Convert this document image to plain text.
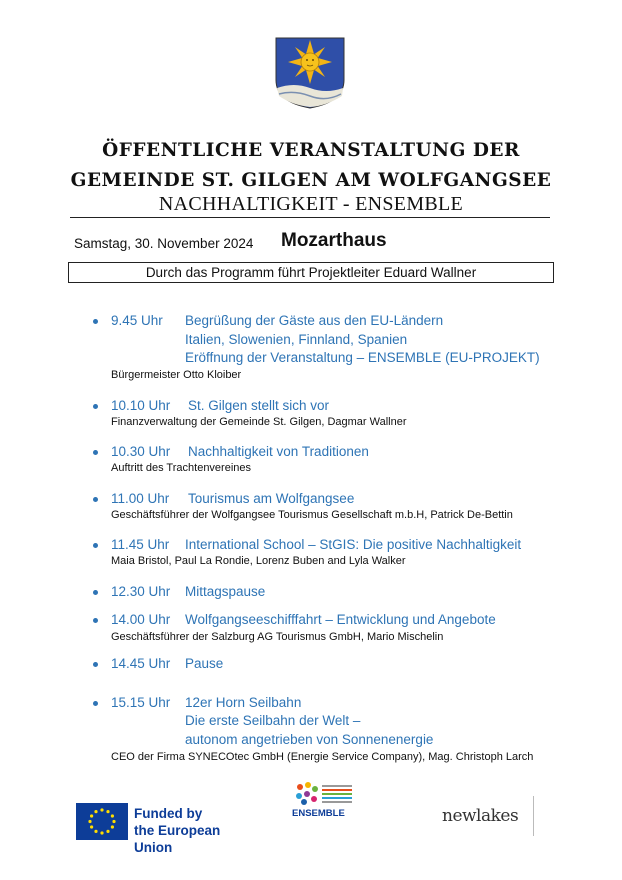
ÖFFENTLICHE VERANSTALTUNG DER
GEMEINDE ST. GILGEN AM WOLFGANGSEE
NACHHALTIGKEIT - ENSEMBLE
Samstag, 30. November 2024 Mozarthaus
Durch das Programm führt Projektleiter Eduard Wallner
9.45 Uhr Begrüßung der Gäste aus den EU-Ländern
Italien, Slowenien, Finnland, Spanien
Eröffnung der Veranstaltung – ENSEMBLE (EU-PROJEKT)
Bürgermeister Otto Kloiber
10.10 Uhr St. Gilgen stellt sich vor
Finanzverwaltung der Gemeinde St. Gilgen, Dagmar Wallner
10.30 Uhr Nachhaltigkeit von Traditionen
Auftritt des Trachtenvereines
11.00 Uhr Tourismus am Wolfgangsee
Geschäftsführer der Wolfgangsee Tourismus Gesellschaft m.b.H, Patrick De-Bettin
11.45 Uhr International School – StGIS: Die positive Nachhaltigkeit
Maia Bristol, Paul La Rondie, Lorenz Buben and Lyla Walker
12.30 Uhr Mittagspause
14.00 Uhr Wolfgangseeschifffahrt – Entwicklung und Angebote
Geschäftsführer der Salzburg AG Tourismus GmbH, Mario Mischelin
14.45 Uhr Pause
15.15 Uhr 12er Horn Seilbahn
Die erste Seilbahn der Welt –
autonom angetrieben von Sonnenenergie
CEO der Firma SYNECOtec GmbH (Energie Service Company), Mag. Christoph Larch
Funded by
the European Union
ENSEMBLE	newlakes
